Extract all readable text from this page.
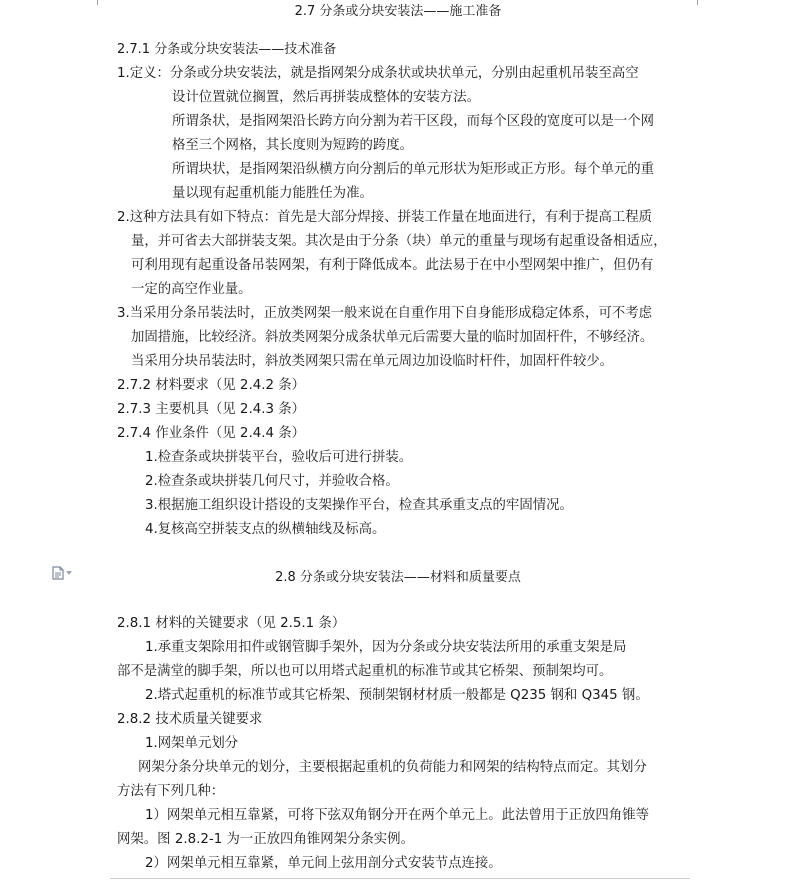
2.7 分条或分块安装法——施工准备
2.7.1 分条或分块安装法——技术准备
1.定义：分条或分块安装法，就是指网架分成条状或块状单元，分别由起重机吊装至高空
设计位置就位搁置，然后再拼装成整体的安装方法。
所谓条状，是指网架沿长跨方向分割为若干区段，而每个区段的宽度可以是一个网
格至三个网格，其长度则为短跨的跨度。
所谓块状，是指网架沿纵横方向分割后的单元形状为矩形或正方形。每个单元的重
量以现有起重机能力能胜任为准。
2.这种方法具有如下特点：首先是大部分焊接、拼装工作量在地面进行，有利于提高工程质
量，并可省去大部拼装支架。其次是由于分条（块）单元的重量与现场有起重设备相适应，
可利用现有起重设备吊装网架，有利于降低成本。此法易于在中小型网架中推广，但仍有
一定的高空作业量。
3.当采用分条吊装法时，正放类网架一般来说在自重作用下自身能形成稳定体系，可不考虑
加固措施，比较经济。斜放类网架分成条状单元后需要大量的临时加固杆件，不够经济。
当采用分块吊装法时，斜放类网架只需在单元周边加设临时杆件，加固杆件较少。
2.7.2 材料要求（见 2.4.2 条）
2.7.3 主要机具（见 2.4.3 条）
2.7.4 作业条件（见 2.4.4 条）
1.检查条或块拼装平台，验收后可进行拼装。
2.检查条或块拼装几何尺寸，并验收合格。
3.根据施工组织设计搭设的支架操作平台，检查其承重支点的牢固情况。
4.复核高空拼装支点的纵横轴线及标高。
2.8 分条或分块安装法——材料和质量要点
2.8.1 材料的关键要求（见 2.5.1 条）
1.承重支架除用扣件或钢管脚手架外，因为分条或分块安装法所用的承重支架是局
部不是满堂的脚手架，所以也可以用塔式起重机的标准节或其它桥架、预制架均可。
2.塔式起重机的标准节或其它桥架、预制架钢材材质一般都是 Q235 钢和 Q345 钢。
2.8.2 技术质量关键要求
1.网架单元划分
网架分条分块单元的划分，主要根据起重机的负荷能力和网架的结构特点而定。其划分
方法有下列几种：
1）网架单元相互靠紧，可将下弦双角钢分开在两个单元上。此法曾用于正放四角锥等
网架。图 2.8.2-1 为一正放四角锥网架分条实例。
2）网架单元相互靠紧，单元间上弦用剖分式安装节点连接。
